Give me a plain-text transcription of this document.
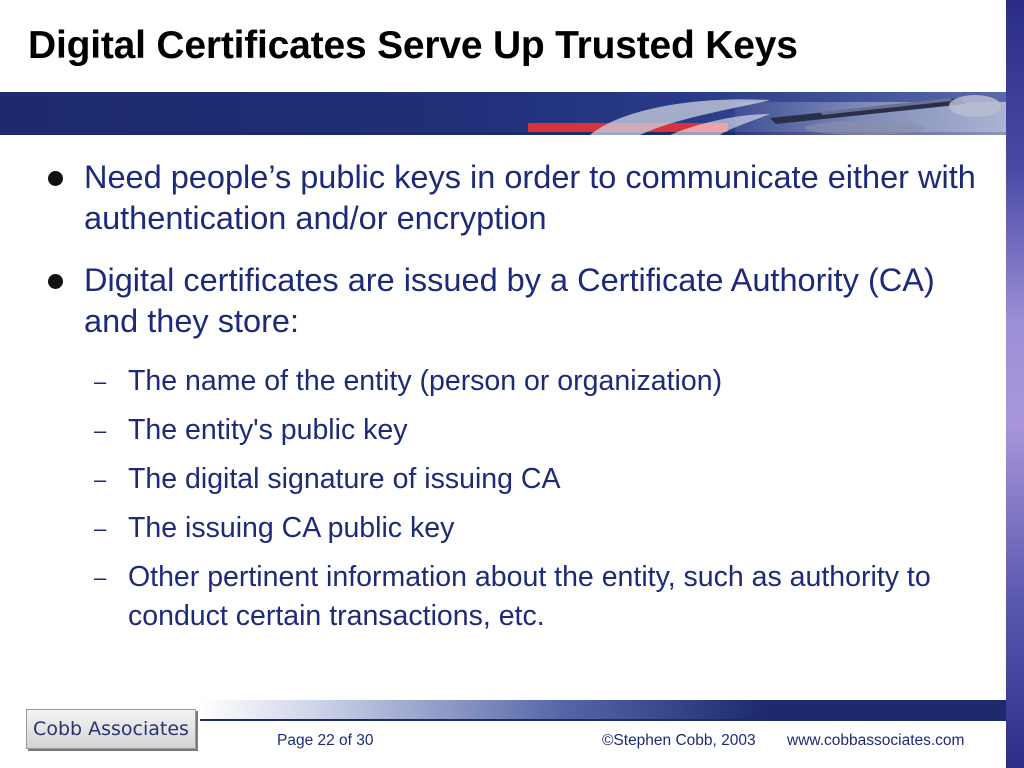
Digital Certificates Serve Up Trusted Keys
Need people’s public keys in order to communicate either with authentication and/or encryption
Digital certificates are issued by a Certificate Authority (CA) and they store:
– The name of the entity (person or organization)
– The entity's public key
– The digital signature of issuing CA
– The issuing CA public key
– Other pertinent information about the entity, such as authority to conduct certain transactions, etc.
Cobb Associates
Page 22 of 30	©Stephen Cobb, 2003 www.cobbassociates.com
